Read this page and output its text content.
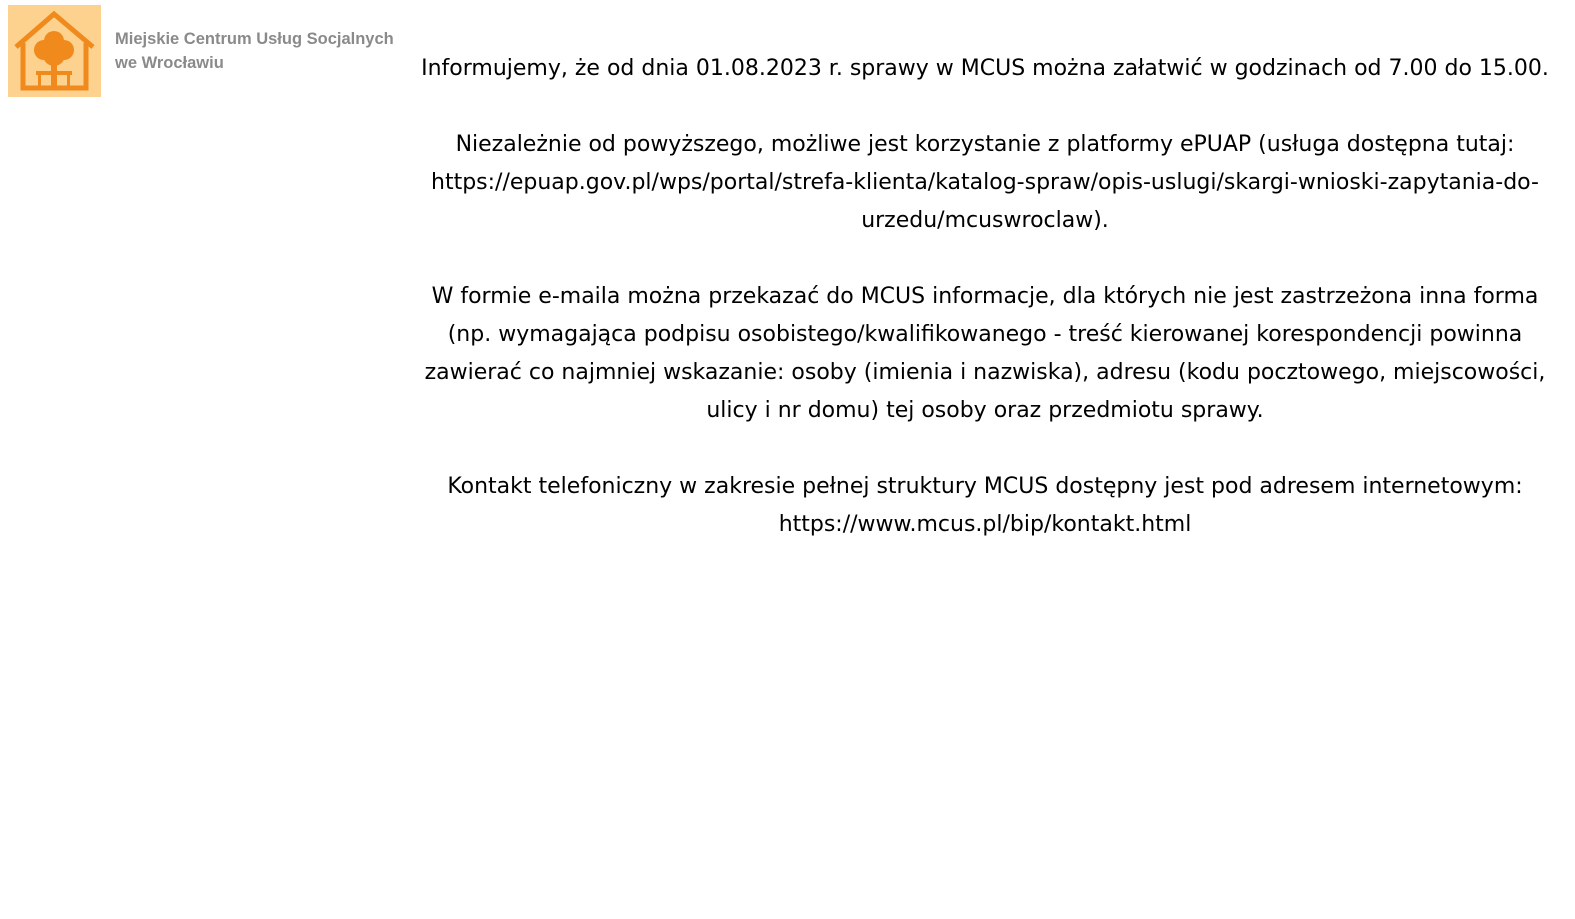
Miejskie Centrum Usług Socjalnych
we Wrocławiu	Informujemy, że od dnia 01.08.2023 r. sprawy w MCUS można załatwić w godzinach od 7.00 do 15.00.

Niezależnie od powyższego, możliwe jest korzystanie z platformy ePUAP (usługa dostępna tutaj: https://epuap.gov.pl/wps/portal/strefa-klienta/katalog-spraw/opis-uslugi/skargi-wnioski-zapytania-do-urzedu/mcuswroclaw).

W formie e-maila można przekazać do MCUS informacje, dla których nie jest zastrzeżona inna forma (np. wymagająca podpisu osobistego/kwalifikowanego - treść kierowanej korespondencji powinna zawierać co najmniej wskazanie: osoby (imienia i nazwiska), adresu (kodu pocztowego, miejscowości, ulicy i nr domu) tej osoby oraz przedmiotu sprawy.

Kontakt telefoniczny w zakresie pełnej struktury MCUS dostępny jest pod adresem internetowym: https://www.mcus.pl/bip/kontakt.html
